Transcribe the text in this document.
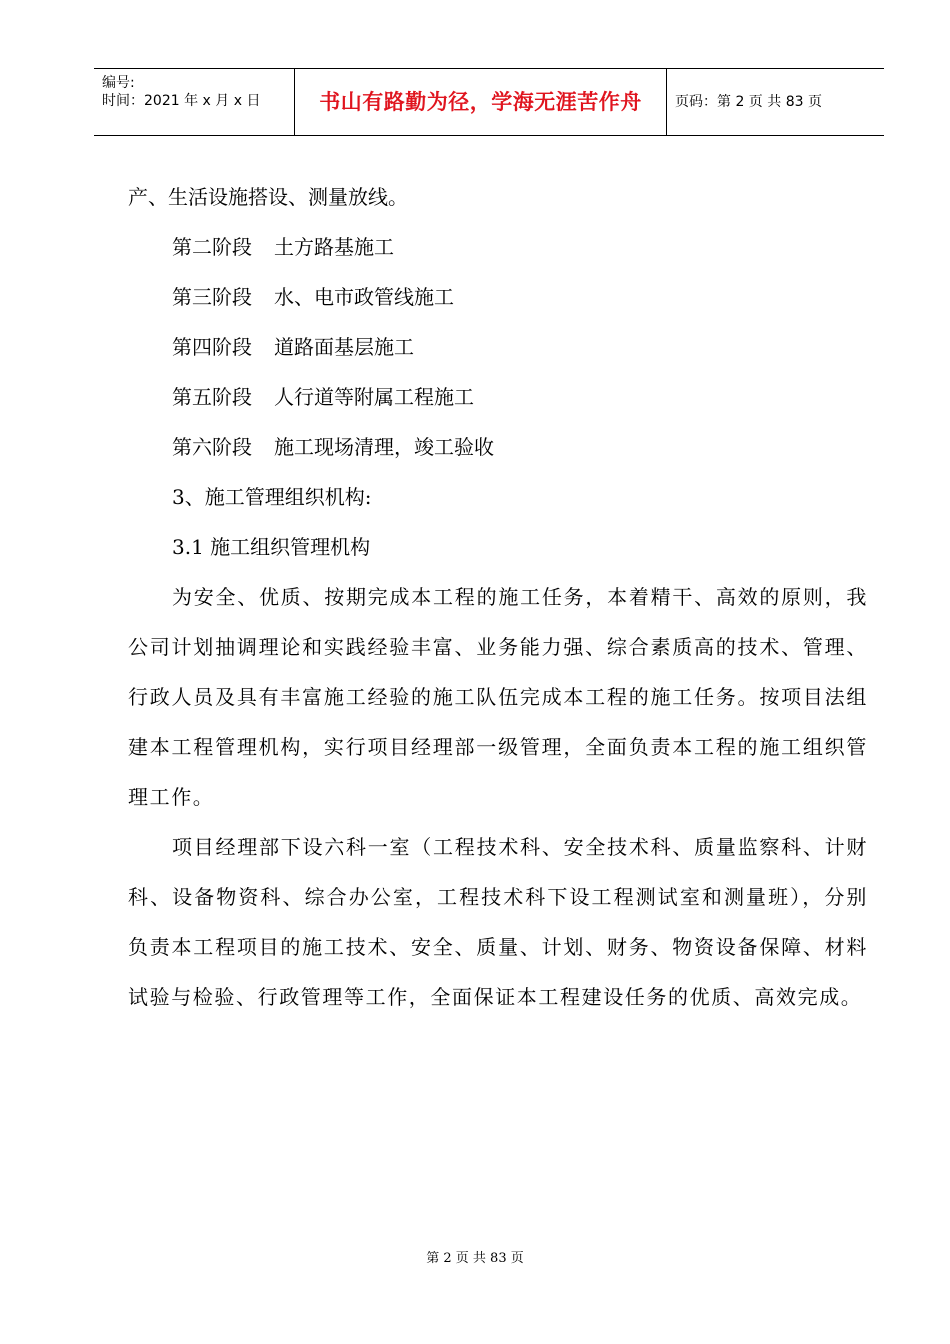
编号:
时间：2021 年 x 月 x 日	书山有路勤为径，学海无涯苦作舟	页码：第 2 页 共 83 页

产、生活设施搭设、测量放线。

第二阶段 土方路基施工

第三阶段 水、电市政管线施工

第四阶段 道路面基层施工

第五阶段 人行道等附属工程施工

第六阶段 施工现场清理，竣工验收

3、施工管理组织机构:

3.1 施工组织管理机构

为安全、优质、按期完成本工程的施工任务，本着精干、高效的原则，我公司计划抽调理论和实践经验丰富、业务能力强、综合素质高的技术、管理、行政人员及具有丰富施工经验的施工队伍完成本工程的施工任务。按项目法组建本工程管理机构，实行项目经理部一级管理，全面负责本工程的施工组织管理工作。

项目经理部下设六科一室（工程技术科、安全技术科、质量监察科、计财科、设备物资科、综合办公室，工程技术科下设工程测试室和测量班），分别负责本工程项目的施工技术、安全、质量、计划、财务、物资设备保障、材料试验与检验、行政管理等工作，全面保证本工程建设任务的优质、高效完成。

第 2 页 共 83 页
